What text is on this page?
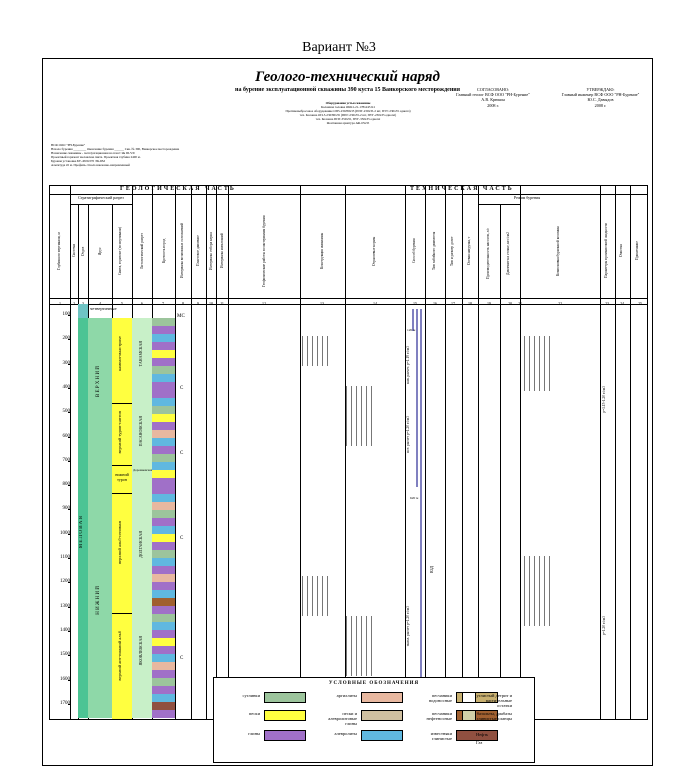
Вариант №3
Геолого-технический наряд
на бурение эксплуатационной скважины 390 куста 15 Ванкорского месторождения	СОГЛАСОВАНО:
Главный геолог ВСФ ООО "РН-Бурение"
А.В. Крюкин
2008 г.
УТВЕРЖДАЮ:
Главный инженер ВСФ ООО "РН-Бурение"
Ю.С. Давыдов
2008 г.
Оборудование устья скважины
Колонная головка ОКК1-21-178х245 К1
Противовыбросовое оборудование ОП5-230/80х35 (ППГ-230х35-2 шт, ПУГ-230х35 однопл)
тех. Колонна ОП-5-230/80х35 (ППГ-230х35-2 шт, ПУГ-230х35 однопл)
тех. Колонна ППГ-350х35, ПУГ-350х35 однопл
Фонтанная арматура АФ-65х35
ВСФ ООО "РН-Бурение"
Начало бурения ________ Окончание бурения ______ Скв. № 390, Ванкорское месторождение
Назначение скважины - эксплуатационная на пласт Як III-VII
Проектный горизонт меловская свита. Проектная глубина 2400 м.
Буровая установка БУ-4500/270 ЭК-БМ
Альтитуда 45 м. Профиль ствола наклонно-направленный
ГЕОЛОГИЧЕСКАЯ ЧАСТЬ	ТЕХНИЧЕСКАЯ ЧАСТЬ
Стратиграфический разрез	Режим бурения
Глубина по вертикали, м	Система Отдел	Ярус	Свита, горизонт (по вертикали)	Литологический разрез	Крепость пород	Интервалы возможных осложнений	Пластовое давление	Интервалы отбора керна Интервалы испытаний	Геофизические работы по интервалам бурения	Конструкция скважины	Отраслевые нормы	Способ бурения	Тип забойного двигателя	Тип и размер долот	Осевая нагрузка, т	Производительность насосов, л/с	Давление на стояке, кгс/см2	Компоновка бурильной колонны	Параметры промывочной жидкости	Очистка	Примечание
1	2	4	5	6	7	8	9	10 11	12	13	14	15	16	17	18	19	20 21	22	23	24	25
100
200
300
400
500
600
700
800
900
1000
1100
1200
1300
1400
1500
1600
1700
М Е Л О В А Я
В Е Р Х Н И Й
Н И Ж Н И Й
четвертичные
кампан-маастрихт
верхний турон-сантон
нижний турон
верхний альб-сеноман
верхний апт-нижний альб
ТАНАМСКАЯ
ПАСАНОВСКАЯ
ДОЛГАНСКАЯ
ЯКОВЛЕВСКАЯ
Дорожковская
МС
С
С
С
С
120 м
620 м
нап. расчет. р=1.19 г/см3
ист. расчет р=1.20 г/см3
экспл. расчет р=1.20 г/см3
ВЗД
р=1.15-1.20 г/см3
р=1.20 г/см3
УСЛОВНЫЕ ОБОЗНАЧЕНИЯ
суглинки	аргиллиты	песчаники водоносные
пески	пески и алевролитовые глины
песчаники нефтеносные
глины	алевролиты	известняки глинистые
углистый детрит и растительные остатки
базальты, диабазы глинистые сланцы
Нефть
Газ
